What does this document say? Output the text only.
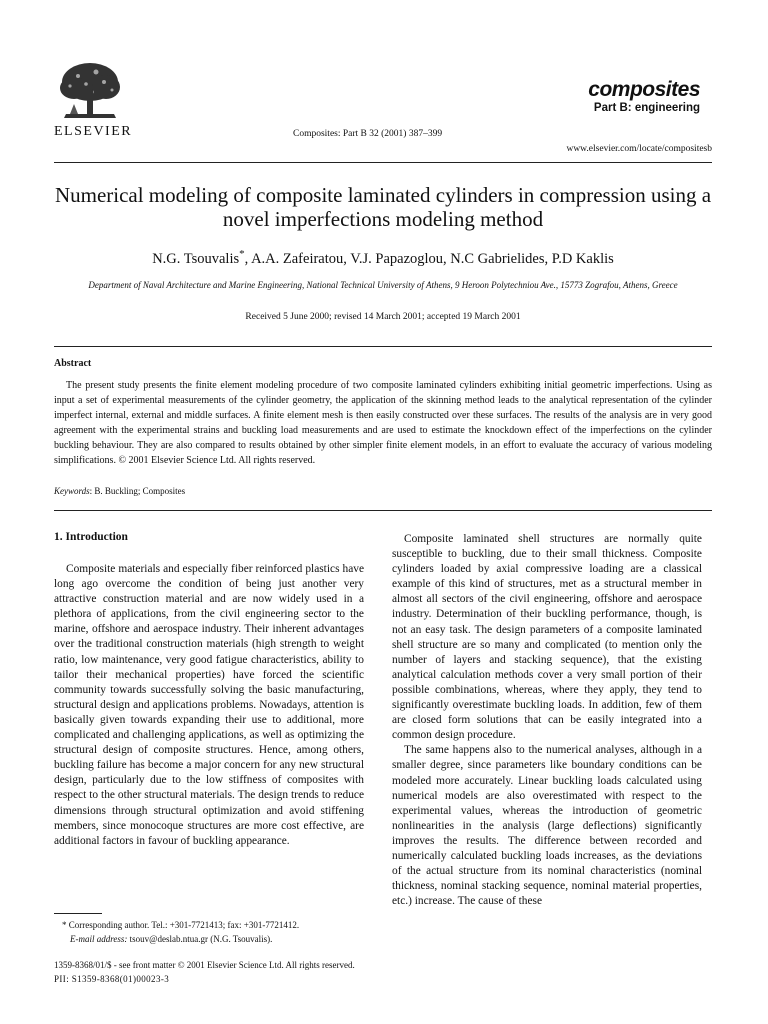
ELSEVIER	Composites: Part B 32 (2001) 387–399
composites
Part B: engineering
www.elsevier.com/locate/compositesb
Numerical modeling of composite laminated cylinders in compression using a novel imperfections modeling method
N.G. Tsouvalis*, A.A. Zafeiratou, V.J. Papazoglou, N.C Gabrielides, P.D Kaklis
Department of Naval Architecture and Marine Engineering, National Technical University of Athens, 9 Heroon Polytechniou Ave., 15773 Zografou, Athens, Greece
Received 5 June 2000; revised 14 March 2001; accepted 19 March 2001
Abstract
The present study presents the finite element modeling procedure of two composite laminated cylinders exhibiting initial geometric imperfections. Using as input a set of experimental measurements of the cylinder geometry, the application of the skinning method leads to the analytical representation of the cylinder imperfect internal, external and middle surfaces. A finite element mesh is then easily constructed over these surfaces. The results of the analysis are in very good agreement with the experimental strains and buckling load measurements and are used to estimate the knockdown effect of the imperfections on the cylinder buckling behaviour. They are also compared to results obtained by other simpler finite element models, in an effort to evaluate the accuracy of various modeling simplifications. © 2001 Elsevier Science Ltd. All rights reserved.
Keywords: B. Buckling; Composites
1. Introduction

Composite materials and especially fiber reinforced plastics have long ago overcome the condition of being just another very attractive construction material and are now widely used in a plethora of applications, from the civil engineering sector to the marine, offshore and aerospace industry. Their inherent advantages over the traditional construction materials (high strength to weight ratio, low maintenance, very good fatigue characteristics, ability to tailor their mechanical properties) have forced the scientific community towards successfully solving the basic manufacturing, structural design and applications problems. Nowadays, attention is basically given towards expanding their use to additional, more complicated and challenging applications, as well as optimizing the structural design of composite structures. Hence, among others, buckling failure has become a major concern for any new structural design, particularly due to the low stiffness of composites with respect to the other structural materials. The design trends to reduce dimensions through structural optimization and avoid stiffening members, since monocoque structures are more cost effective, are additional factors in favour of buckling appearance.

Composite laminated shell structures are normally quite susceptible to buckling, due to their small thickness. Composite cylinders loaded by axial compressive loading are a classical example of this kind of structures, met as a structural member in almost all sectors of the civil engineering, offshore and aerospace industry. Determination of their buckling performance, though, is not an easy task. The design parameters of a composite laminated shell structure are so many and complicated (to mention only the number of layers and stacking sequence), that the existing analytical calculation methods cover a very small portion of their possible combinations, whereas, where they apply, they tend to significantly overestimate buckling loads. In addition, few of them are closed form solutions that can be easily integrated into a common design procedure.

The same happens also to the numerical analyses, although in a smaller degree, since parameters like boundary conditions can be modeled more accurately. Linear buckling loads calculated using numerical models are also overestimated with respect to the experimental values, whereas the introduction of geometric nonlinearities in the analysis (large deflections) significantly improves the results. The difference between recorded and numerically calculated buckling loads increases, as the deviations of the actual structure from its nominal characteristics (nominal thickness, nominal stacking sequence, nominal material properties, etc.) increase. The cause of these

* Corresponding author. Tel.: +301-7721413; fax: +301-7721412.
E-mail address: tsouv@deslab.ntua.gr (N.G. Tsouvalis).
1359-8368/01/$ - see front matter © 2001 Elsevier Science Ltd. All rights reserved.
PII: S1359-8368(01)00023-3
